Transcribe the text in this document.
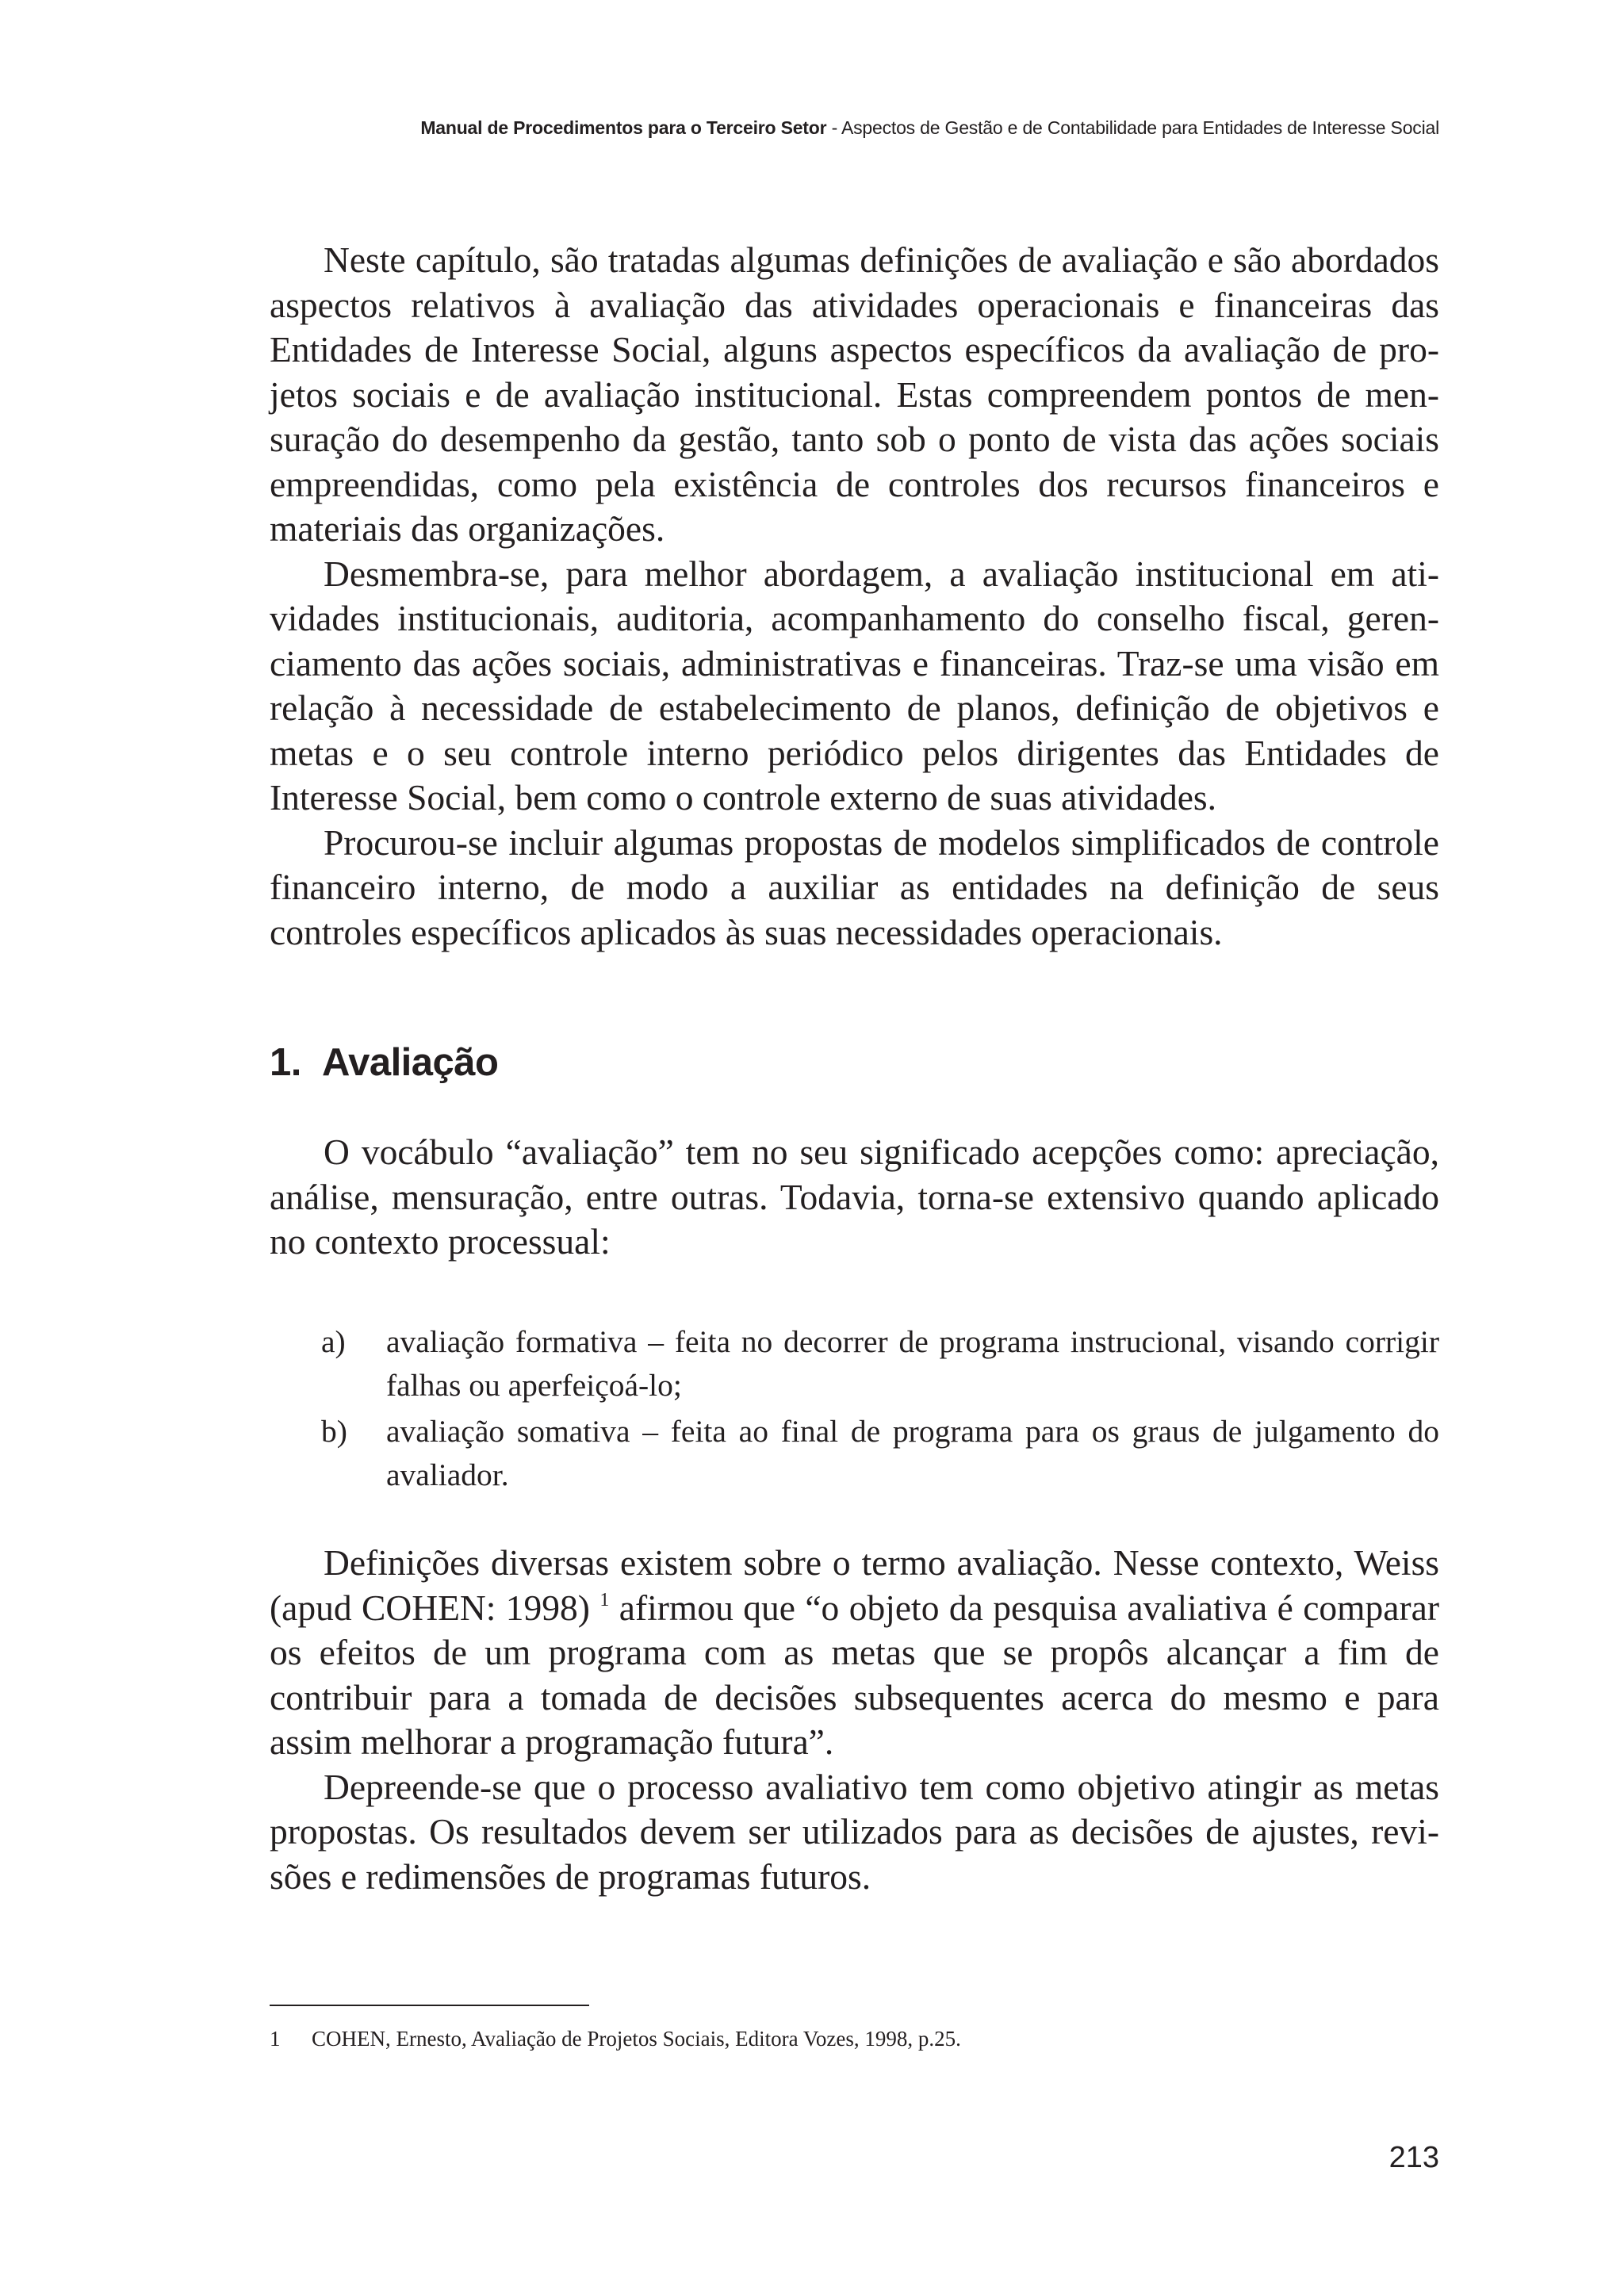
Manual de Procedimentos para o Terceiro Setor - Aspectos de Gestão e de Contabilidade para Entidades de Interesse Social

Neste capítulo, são tratadas algumas definições de avaliação e são abordados aspectos relativos à avaliação das atividades operacionais e financeiras das Entidades de Interesse Social, alguns aspectos específicos da avaliação de projetos sociais e de avaliação institucional. Estas compreendem pontos de mensuração do desempenho da gestão, tanto sob o ponto de vista das ações sociais empreendidas, como pela existência de controles dos recursos financeiros e materiais das organizações.

Desmembra-se, para melhor abordagem, a avaliação institucional em atividades institucionais, auditoria, acompanhamento do conselho fiscal, gerenciamento das ações sociais, administrativas e financeiras. Traz-se uma visão em relação à necessidade de estabelecimento de planos, definição de objetivos e metas e o seu controle interno periódico pelos dirigentes das Entidades de Interesse Social, bem como o controle externo de suas atividades.

Procurou-se incluir algumas propostas de modelos simplificados de controle financeiro interno, de modo a auxiliar as entidades na definição de seus controles específicos aplicados às suas necessidades operacionais.

1. Avaliação

O vocábulo “avaliação” tem no seu significado acepções como: apreciação, análise, mensuração, entre outras. Todavia, torna-se extensivo quando aplicado no contexto processual:

a)	avaliação formativa – feita no decorrer de programa instrucional, visando corrigir falhas ou aperfeiçoá-lo;
b)	avaliação somativa – feita ao final de programa para os graus de julgamento do avaliador.

Definições diversas existem sobre o termo avaliação. Nesse contexto, Weiss (apud COHEN: 1998) $^1$ afirmou que “o objeto da pesquisa avaliativa é comparar os efeitos de um programa com as metas que se propôs alcançar a fim de contribuir para a tomada de decisões subsequentes acerca do mesmo e para assim melhorar a programação futura”.

Depreende-se que o processo avaliativo tem como objetivo atingir as metas propostas. Os resultados devem ser utilizados para as decisões de ajustes, revisões e redimensões de programas futuros.

1	COHEN, Ernesto, Avaliação de Projetos Sociais, Editora Vozes, 1998, p.25.
213
